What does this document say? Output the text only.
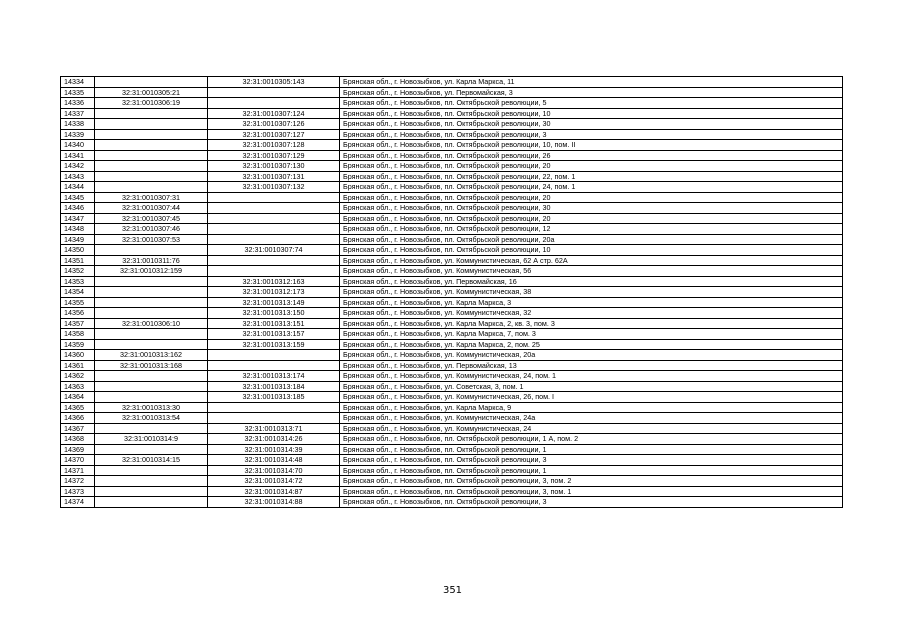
14334		32:31:0010305:143	Брянская обл., г. Новозыбков, ул. Карла Маркса, 11
14335	32:31:0010305:21		Брянская обл., г. Новозыбков, ул. Первомайская, 3
14336	32:31:0010306:19		Брянская обл., г. Новозыбков, пл. Октябрьской революции, 5
14337		32:31:0010307:124	Брянская обл., г. Новозыбков, пл. Октябрьской революции, 10
14338		32:31:0010307:126	Брянская обл., г. Новозыбков, пл. Октябрьской революции, 30
14339		32:31:0010307:127	Брянская обл., г. Новозыбков, пл. Октябрьской революции, 3
14340		32:31:0010307:128	Брянская обл., г. Новозыбков, пл. Октябрьской революции, 10, пом. II
14341		32:31:0010307:129	Брянская обл., г. Новозыбков, пл. Октябрьской революции, 26
14342		32:31:0010307:130	Брянская обл., г. Новозыбков, пл. Октябрьской революции, 20
14343		32:31:0010307:131	Брянская обл., г. Новозыбков, пл. Октябрьской революции, 22, пом. 1
14344		32:31:0010307:132	Брянская обл., г. Новозыбков, пл. Октябрьской революции, 24, пом. 1
14345	32:31:0010307:31		Брянская обл., г. Новозыбков, пл. Октябрьской революции, 20
14346	32:31:0010307:44		Брянская обл., г. Новозыбков, пл. Октябрьской революции, 30
14347	32:31:0010307:45		Брянская обл., г. Новозыбков, пл. Октябрьской революции, 20
14348	32:31:0010307:46		Брянская обл., г. Новозыбков, пл. Октябрьской революции, 12
14349	32:31:0010307:53		Брянская обл., г. Новозыбков, пл. Октябрьской революции, 20а
14350		32:31:0010307:74	Брянская обл., г. Новозыбков, пл. Октябрьской революции, 10
14351	32:31:0010311:76		Брянская обл., г. Новозыбков, ул. Коммунистическая, 62 А стр. 62А
14352	32:31:0010312:159		Брянская обл., г. Новозыбков, ул. Коммунистическая, 56
14353		32:31:0010312:163	Брянская обл., г. Новозыбков, ул. Первомайская, 16
14354		32:31:0010312:173	Брянская обл., г. Новозыбков, ул. Коммунистическая, 38
14355		32:31:0010313:149	Брянская обл., г. Новозыбков, ул. Карла Маркса, 3
14356		32:31:0010313:150	Брянская обл., г. Новозыбков, ул. Коммунистическая, 32
14357	32:31:0010306:10	32:31:0010313:151	Брянская обл., г. Новозыбков, ул. Карла Маркса, 2, кв. 3, пом. 3
14358		32:31:0010313:157	Брянская обл., г. Новозыбков, ул. Карла Маркса, 7, пом. 3
14359		32:31:0010313:159	Брянская обл., г. Новозыбков, ул. Карла Маркса, 2, пом. 25
14360	32:31:0010313:162		Брянская обл., г. Новозыбков, ул. Коммунистическая, 20а
14361	32:31:0010313:168		Брянская обл., г. Новозыбков, ул. Первомайская, 13
14362		32:31:0010313:174	Брянская обл., г. Новозыбков, ул. Коммунистическая, 24, пом. 1
14363		32:31:0010313:184	Брянская обл., г. Новозыбков, ул. Советская, 3, пом. 1
14364		32:31:0010313:185	Брянская обл., г. Новозыбков, ул. Коммунистическая, 26, пом. I
14365	32:31:0010313:30		Брянская обл., г. Новозыбков, ул. Карла Маркса, 9
14366	32:31:0010313:54		Брянская обл., г. Новозыбков, ул. Коммунистическая, 24а
14367		32:31:0010313:71	Брянская обл., г. Новозыбков, ул. Коммунистическая, 24
14368	32:31:0010314:9	32:31:0010314:26	Брянская обл., г. Новозыбков, пл. Октябрьской революции, 1 А, пом. 2
14369		32:31:0010314:39	Брянская обл., г. Новозыбков, пл. Октябрьской революции, 1
14370	32:31:0010314:15	32:31:0010314:48	Брянская обл., г. Новозыбков, пл. Октябрьской революции, 3
14371		32:31:0010314:70	Брянская обл., г. Новозыбков, пл. Октябрьской революции, 1
14372		32:31:0010314:72	Брянская обл., г. Новозыбков, пл. Октябрьской революции, 3, пом. 2
14373		32:31:0010314:87	Брянская обл., г. Новозыбков, пл. Октябрьской революции, 3, пом. 1
14374		32:31:0010314:88	Брянская обл., г. Новозыбков, пл. Октябрьской революции, 3
351
